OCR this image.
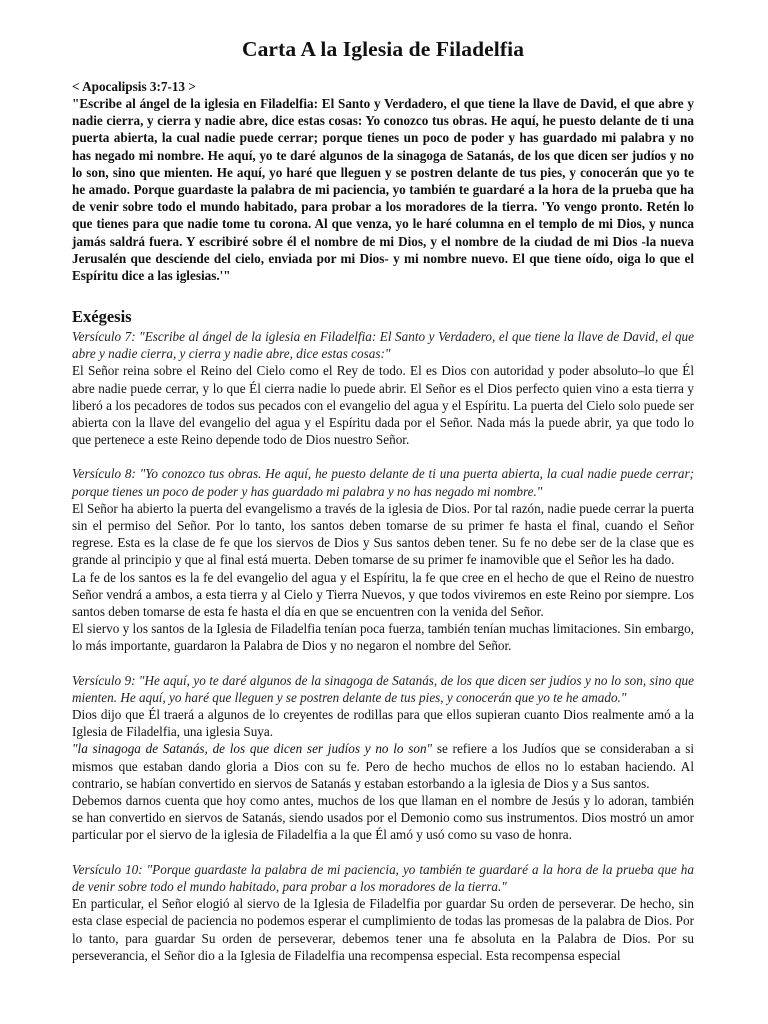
Carta A la Iglesia de Filadelfia
< Apocalipsis 3:7-13 >
"Escribe al ángel de la iglesia en Filadelfia: El Santo y Verdadero, el que tiene la llave de David, el que abre y nadie cierra, y cierra y nadie abre, dice estas cosas: Yo conozco tus obras. He aquí, he puesto delante de ti una puerta abierta, la cual nadie puede cerrar; porque tienes un poco de poder y has guardado mi palabra y no has negado mi nombre. He aquí, yo te daré algunos de la sinagoga de Satanás, de los que dicen ser judíos y no lo son, sino que mienten. He aquí, yo haré que lleguen y se postren delante de tus pies, y conocerán que yo te he amado. Porque guardaste la palabra de mi paciencia, yo también te guardaré a la hora de la prueba que ha de venir sobre todo el mundo habitado, para probar a los moradores de la tierra. 'Yo vengo pronto. Retén lo que tienes para que nadie tome tu corona. Al que venza, yo le haré columna en el templo de mi Dios, y nunca jamás saldrá fuera. Y escribiré sobre él el nombre de mi Dios, y el nombre de la ciudad de mi Dios -la nueva Jerusalén que desciende del cielo, enviada por mi Dios- y mi nombre nuevo. El que tiene oído, oiga lo que el Espíritu dice a las iglesias.'"
Exégesis

Versículo 7: "Escribe al ángel de la iglesia en Filadelfia: El Santo y Verdadero, el que tiene la llave de David, el que abre y nadie cierra, y cierra y nadie abre, dice estas cosas:"

El Señor reina sobre el Reino del Cielo como el Rey de todo. El es Dios con autoridad y poder absoluto–lo que Él abre nadie puede cerrar, y lo que Él cierra nadie lo puede abrir. El Señor es el Dios perfecto quien vino a esta tierra y liberó a los pecadores de todos sus pecados con el evangelio del agua y el Espíritu. La puerta del Cielo solo puede ser abierta con la llave del evangelio del agua y el Espíritu dada por el Señor. Nada más la puede abrir, ya que todo lo que pertenece a este Reino depende todo de Dios nuestro Señor.

Versículo 8: "Yo conozco tus obras. He aquí, he puesto delante de ti una puerta abierta, la cual nadie puede cerrar; porque tienes un poco de poder y has guardado mi palabra y no has negado mi nombre."

El Señor ha abierto la puerta del evangelismo a través de la iglesia de Dios. Por tal razón, nadie puede cerrar la puerta sin el permiso del Señor. Por lo tanto, los santos deben tomarse de su primer fe hasta el final, cuando el Señor regrese. Esta es la clase de fe que los siervos de Dios y Sus santos deben tener. Su fe no debe ser de la clase que es grande al principio y que al final está muerta. Deben tomarse de su primer fe inamovible que el Señor les ha dado.

La fe de los santos es la fe del evangelio del agua y el Espíritu, la fe que cree en el hecho de que el Reino de nuestro Señor vendrá a ambos, a esta tierra y al Cielo y Tierra Nuevos, y que todos viviremos en este Reino por siempre. Los santos deben tomarse de esta fe hasta el día en que se encuentren con la venida del Señor.

El siervo y los santos de la Iglesia de Filadelfia tenían poca fuerza, también tenían muchas limitaciones. Sin embargo, lo más importante, guardaron la Palabra de Dios y no negaron el nombre del Señor.

Versículo 9: "He aquí, yo te daré algunos de la sinagoga de Satanás, de los que dicen ser judíos y no lo son, sino que mienten. He aquí, yo haré que lleguen y se postren delante de tus pies, y conocerán que yo te he amado."

Dios dijo que Él traerá a algunos de lo creyentes de rodillas para que ellos supieran cuanto Dios realmente amó a la Iglesia de Filadelfia, una iglesia Suya.

"la sinagoga de Satanás, de los que dicen ser judíos y no lo son" se refiere a los Judíos que se consideraban a si mismos que estaban dando gloria a Dios con su fe. Pero de hecho muchos de ellos no lo estaban haciendo. Al contrario, se habían convertido en siervos de Satanás y estaban estorbando a la iglesia de Dios y a Sus santos.

Debemos darnos cuenta que hoy como antes, muchos de los que llaman en el nombre de Jesús y lo adoran, también se han convertido en siervos de Satanás, siendo usados por el Demonio como sus instrumentos. Dios mostró un amor particular por el siervo de la iglesia de Filadelfia a la que Él amó y usó como su vaso de honra.

Versículo 10: "Porque guardaste la palabra de mi paciencia, yo también te guardaré a la hora de la prueba que ha de venir sobre todo el mundo habitado, para probar a los moradores de la tierra."

En particular, el Señor elogió al siervo de la Iglesia de Filadelfia por guardar Su orden de perseverar. De hecho, sin esta clase especial de paciencia no podemos esperar el cumplimiento de todas las promesas de la palabra de Dios. Por lo tanto, para guardar Su orden de perseverar, debemos tener una fe absoluta en la Palabra de Dios. Por su perseverancia, el Señor dio a la Iglesia de Filadelfia una recompensa especial. Esta recompensa especial
